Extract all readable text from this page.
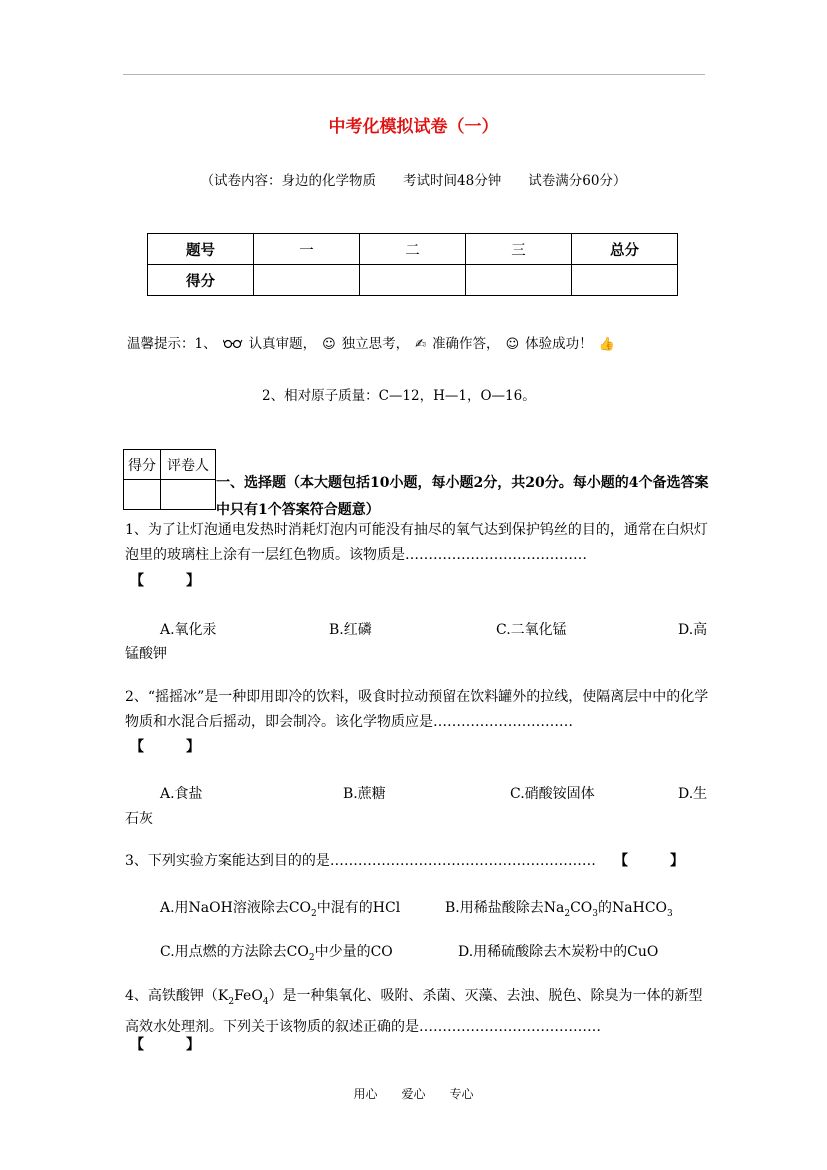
中考化模拟试卷（一）
（试卷内容：身边的化学物质　　考试时间48分钟　　试卷满分60分）
题号	一	二	三	总分
得分				
温馨提示：1、 认真审题， ☺ 独立思考， ✍ 准确作答， ☺ 体验成功！ 👍
2、相对原子质量：C—12，H—1，O—16。
得分	评卷人

一、选择题（本大题包括10小题，每小题2分，共20分。每小题的4个备选答案中只有1个答案符合题意）
1、为了让灯泡通电发热时消耗灯泡内可能没有抽尽的氧气达到保护钨丝的目的，通常在白炽灯泡里的玻璃柱上涂有一层红色物质。该物质是…………………………………
【　　　】
A.氧化汞	B.红磷	C.二氧化锰	D.高
锰酸钾
2、“摇摇冰”是一种即用即冷的饮料，吸食时拉动预留在饮料罐外的拉线，使隔离层中中的化学物质和水混合后摇动，即会制冷。该化学物质应是…………………………
【　　　】
A.食盐	B.蔗糖	C.硝酸铵固体	D.生
石灰
3、下列实验方案能达到目的的是………………………………………………… 【　　　】
A.用NaOH溶液除去$CO_2$中混有的HCl	B.用稀盐酸除去$Na_2CO_3$的NaHCO$_3$
C.用点燃的方法除去$CO_2$中少量的CO	D.用稀硫酸除去木炭粉中的CuO
4、高铁酸钾$(K_2FeO_4)$是一种集氧化、吸附、杀菌、灭藻、去浊、脱色、除臭为一体的新型高效水处理剂。下列关于该物质的叙述正确的是…………………………………
【　　　】
用心　　爱心　　专心
